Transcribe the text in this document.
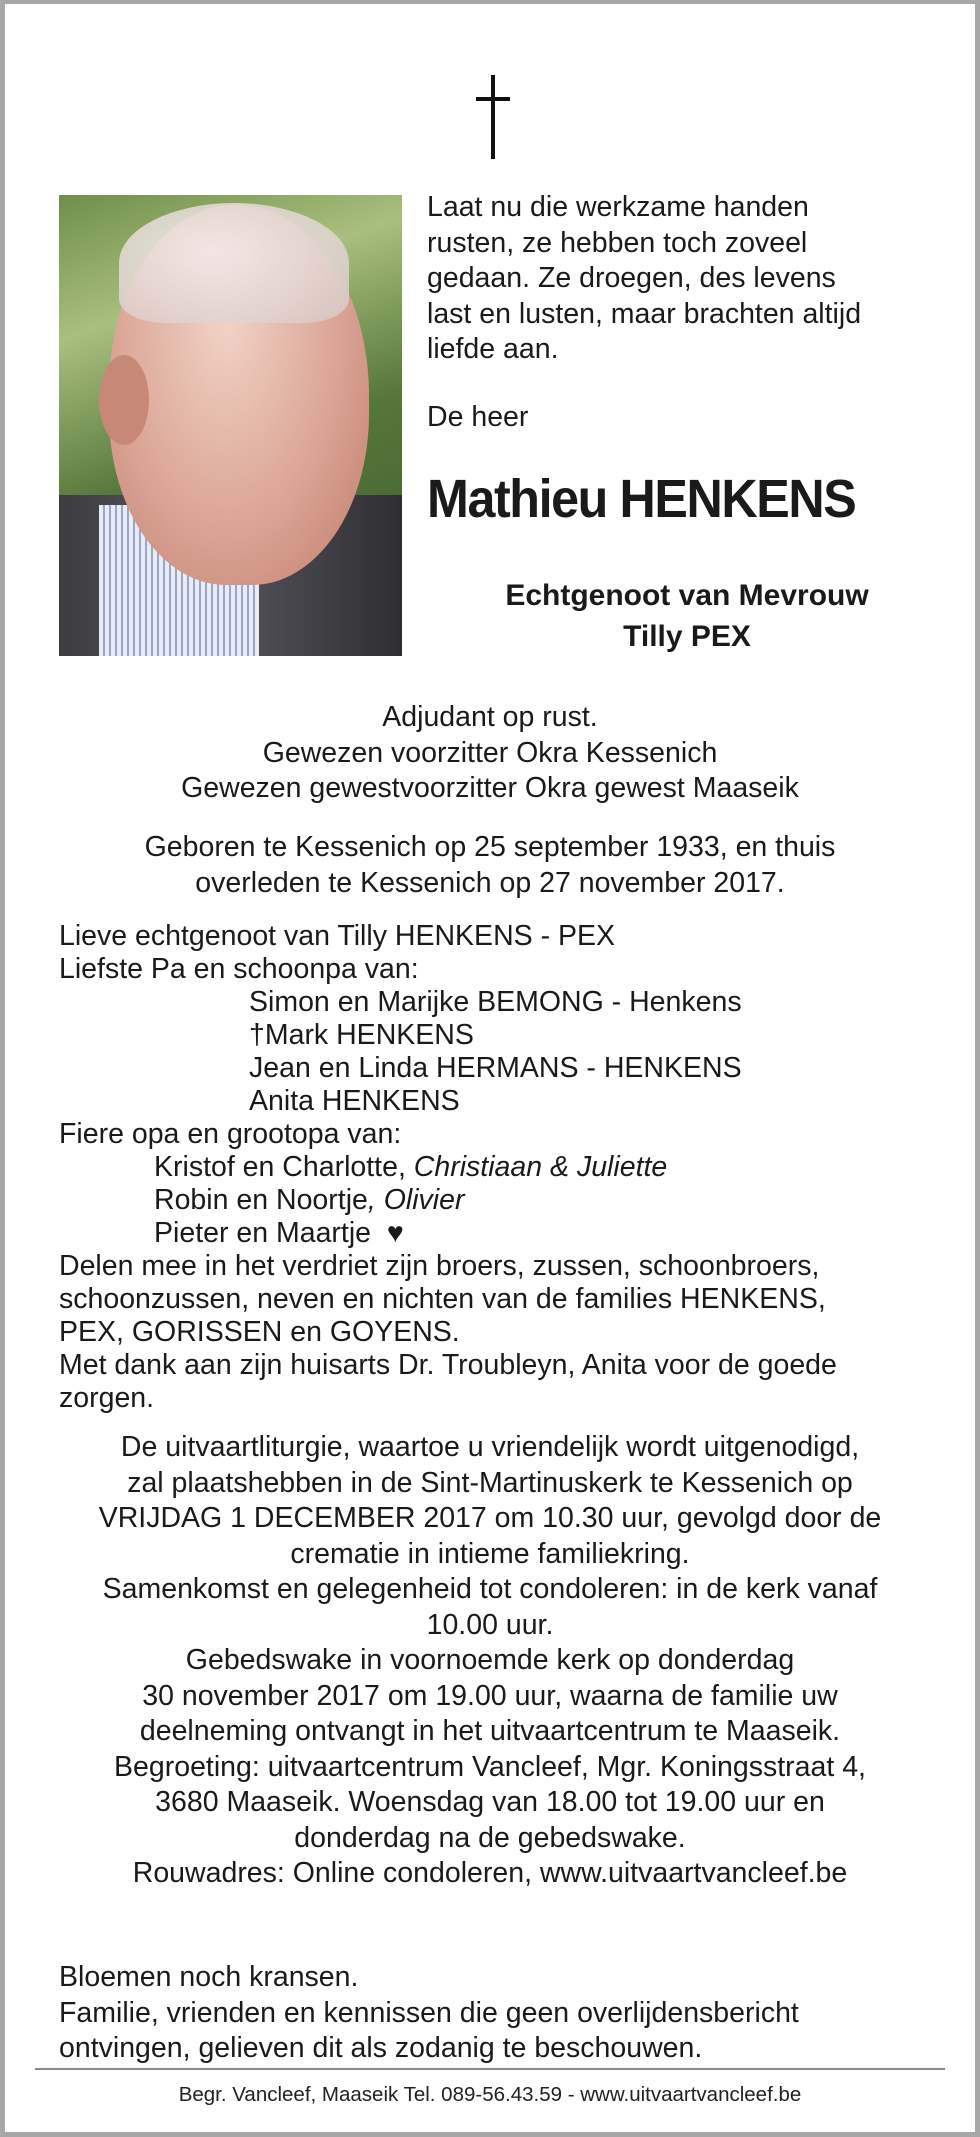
Laat nu die werkzame handen
rusten, ze hebben toch zoveel
gedaan. Ze droegen, des levens
last en lusten, maar brachten altijd
liefde aan.
De heer
Mathieu HENKENS
Echtgenoot van Mevrouw
Tilly PEX
Adjudant op rust.
Gewezen voorzitter Okra Kessenich
Gewezen gewestvoorzitter Okra gewest Maaseik
Geboren te Kessenich op 25 september 1933, en thuis
overleden te Kessenich op 27 november 2017.
Lieve echtgenoot van Tilly HENKENS - PEX
Liefste Pa en schoonpa van:
Simon en Marijke BEMONG - Henkens
†Mark HENKENS
Jean en Linda HERMANS - HENKENS
Anita HENKENS
Fiere opa en grootopa van:
Kristof en Charlotte, Christiaan & Juliette
Robin en Noortje, Olivier
Pieter en Maartje  ♥
Delen mee in het verdriet zijn broers, zussen, schoonbroers,
schoonzussen, neven en nichten van de families HENKENS,
PEX, GORISSEN en GOYENS.
Met dank aan zijn huisarts Dr. Troubleyn, Anita voor de goede
zorgen.
De uitvaartliturgie, waartoe u vriendelijk wordt uitgenodigd,
zal plaatshebben in de Sint-Martinuskerk te Kessenich op
VRIJDAG 1 DECEMBER 2017 om 10.30 uur, gevolgd door de
crematie in intieme familiekring.
Samenkomst en gelegenheid tot condoleren: in de kerk vanaf
10.00 uur.
Gebedswake in voornoemde kerk op donderdag
30 november 2017 om 19.00 uur, waarna de familie uw
deelneming ontvangt in het uitvaartcentrum te Maaseik.
Begroeting: uitvaartcentrum Vancleef, Mgr. Koningsstraat 4,
3680 Maaseik. Woensdag van 18.00 tot 19.00 uur en
donderdag na de gebedswake.
Rouwadres: Online condoleren, www.uitvaartvancleef.be
Bloemen noch kransen.
Familie, vrienden en kennissen die geen overlijdensbericht
ontvingen, gelieven dit als zodanig te beschouwen.
Begr. Vancleef, Maaseik Tel. 089-56.43.59 - www.uitvaartvancleef.be
